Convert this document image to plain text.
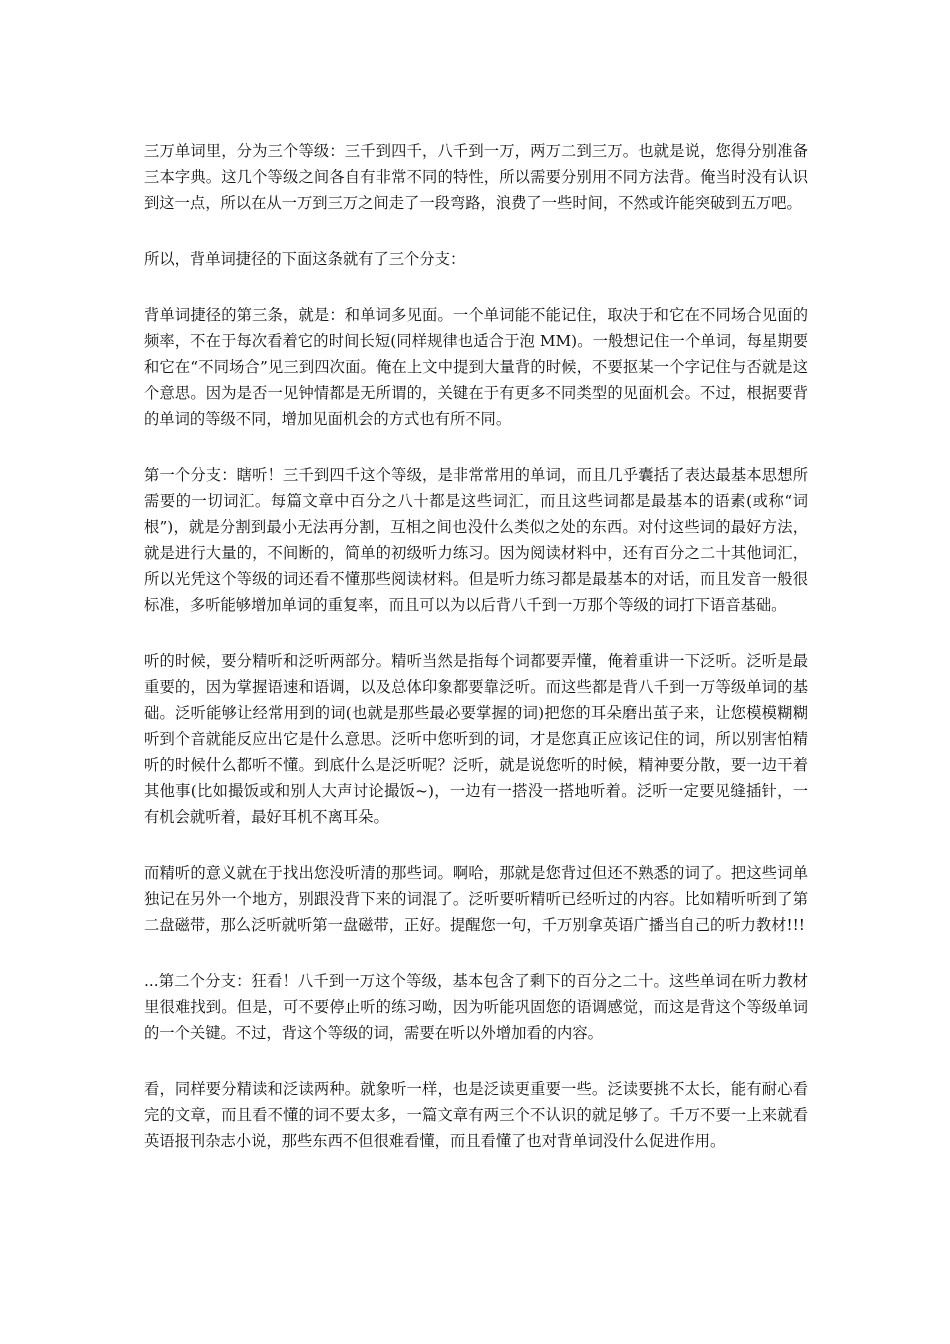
三万单词里，分为三个等级：三千到四千，八千到一万，两万二到三万。也就是说，您得分别准备三本字典。这几个等级之间各自有非常不同的特性，所以需要分别用不同方法背。俺当时没有认识到这一点，所以在从一万到三万之间走了一段弯路，浪费了一些时间，不然或许能突破到五万吧。

所以，背单词捷径的下面这条就有了三个分支：

背单词捷径的第三条，就是：和单词多见面。一个单词能不能记住，取决于和它在不同场合见面的频率，不在于每次看着它的时间长短(同样规律也适合于泡 MM)。一般想记住一个单词，每星期要和它在“不同场合”见三到四次面。俺在上文中提到大量背的时候，不要抠某一个字记住与否就是这个意思。因为是否一见钟情都是无所谓的，关键在于有更多不同类型的见面机会。不过，根据要背的单词的等级不同，增加见面机会的方式也有所不同。

第一个分支：瞎听！三千到四千这个等级，是非常常用的单词，而且几乎囊括了表达最基本思想所需要的一切词汇。每篇文章中百分之八十都是这些词汇，而且这些词都是最基本的语素(或称“词根”)，就是分割到最小无法再分割，互相之间也没什么类似之处的东西。对付这些词的最好方法，就是进行大量的，不间断的，简单的初级听力练习。因为阅读材料中，还有百分之二十其他词汇，所以光凭这个等级的词还看不懂那些阅读材料。但是听力练习都是最基本的对话，而且发音一般很标准，多听能够增加单词的重复率，而且可以为以后背八千到一万那个等级的词打下语音基础。

听的时候，要分精听和泛听两部分。精听当然是指每个词都要弄懂，俺着重讲一下泛听。泛听是最重要的，因为掌握语速和语调，以及总体印象都要靠泛听。而这些都是背八千到一万等级单词的基础。泛听能够让经常用到的词(也就是那些最必要掌握的词)把您的耳朵磨出茧子来，让您模模糊糊听到个音就能反应出它是什么意思。泛听中您听到的词，才是您真正应该记住的词，所以别害怕精听的时候什么都听不懂。到底什么是泛听呢？泛听，就是说您听的时候，精神要分散，要一边干着其他事(比如撮饭或和别人大声讨论撮饭~)，一边有一搭没一搭地听着。泛听一定要见缝插针，一有机会就听着，最好耳机不离耳朵。

而精听的意义就在于找出您没听清的那些词。啊哈，那就是您背过但还不熟悉的词了。把这些词单独记在另外一个地方，别跟没背下来的词混了。泛听要听精听已经听过的内容。比如精听听到了第二盘磁带，那么泛听就听第一盘磁带，正好。提醒您一句，千万别拿英语广播当自己的听力教材!!!

...第二个分支：狂看！八千到一万这个等级，基本包含了剩下的百分之二十。这些单词在听力教材里很难找到。但是，可不要停止听的练习呦，因为听能巩固您的语调感觉，而这是背这个等级单词的一个关键。不过，背这个等级的词，需要在听以外增加看的内容。

看，同样要分精读和泛读两种。就象听一样，也是泛读更重要一些。泛读要挑不太长，能有耐心看完的文章，而且看不懂的词不要太多，一篇文章有两三个不认识的就足够了。千万不要一上来就看英语报刊杂志小说，那些东西不但很难看懂，而且看懂了也对背单词没什么促进作用。
